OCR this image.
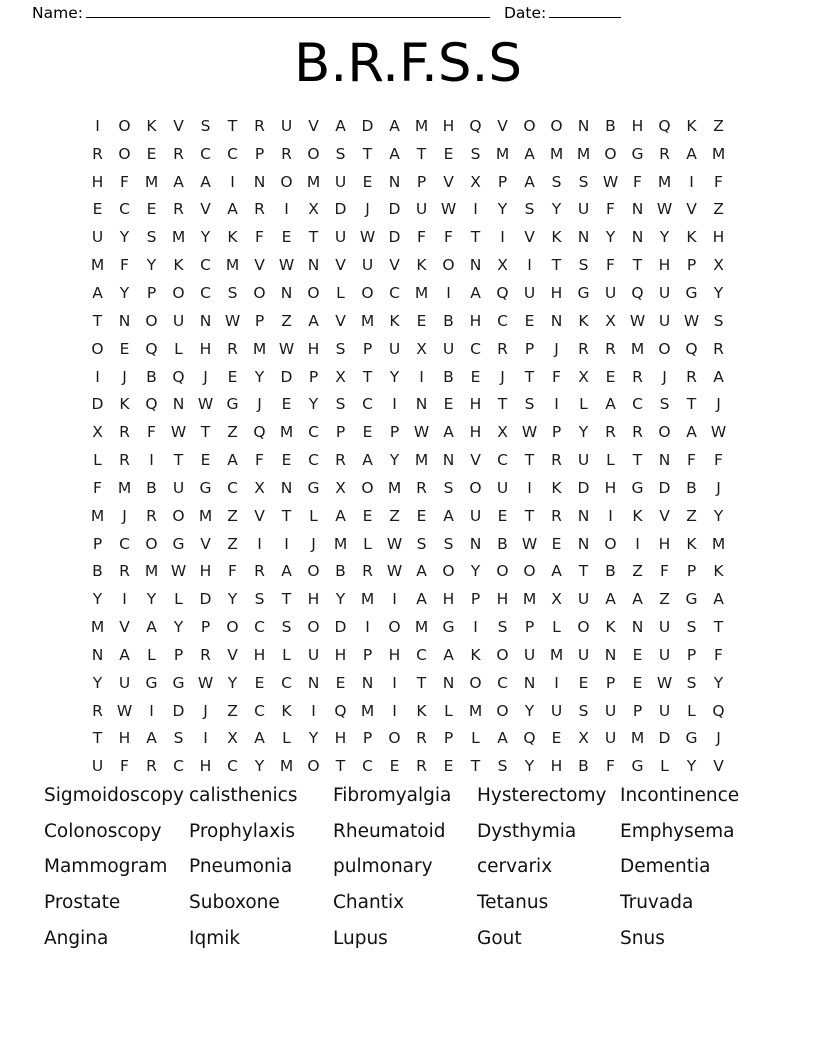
Name:	Date:
B.R.F.S.S
I	O	K	V	S	T	R	U	V	A	D	A M H Q	V	O O N	B	H Q	K	Z
R	O	E	R	C	C	P	R	O	S	T	A	T	E	S M A M M O G	R	A M
H	F	M A	A	I	N O M U	E	N	P	V	X	P	A	S	S W F	M	I	F
E	C	E	R	V	A	R	I	X	D	J	D U W	I	Y	S	Y	U	F	N W V	Z
U	Y	S M	Y	K	F	E	T	U W D	F	F	T	I	V	K	N	Y	N	Y	K	H
M	F	Y	K	C M V W N	V	U	V	K	O N	X	I	T	S	F	T	H	P	X
A	Y	P	O C	S	O N O	L	O C M	I	A	Q U	H G U Q U G	Y
T	N O U	N W P	Z	A	V M K	E	B	H	C	E	N	K	X W U W S
O	E	Q	L	H	R M W H	S	P	U	X	U	C	R	P	J	R	R M O Q	R
I	J	B	Q	J	E	Y	D	P	X	T	Y	I	B	E	J	T	F	X	E	R	J	R	A
D	K	Q N W G	J	E	Y	S	C	I	N	E	H	T	S	I	L	A	C	S	T	J
X	R	F W T	Z	Q M C	P	E	P W A	H	X W P	Y	R	R	O	A W
L	R	I	T	E	A	F	E	C	R	A	Y	M N	V	C	T	R	U	L	T	N	F	F
F	M B	U G	C	X	N G	X	O M R	S	O U	I	K	D H G D	B	J
M	J	R	O M Z	V	T	L	A	E	Z	E	A	U	E	T	R	N	I	K	V	Z	Y
P	C O G	V	Z	I	I	J	M	L W S	S	N	B W E	N O	I	H	K M
B	R M W H	F	R	A	O	B	R W A	O	Y	O O	A	T	B	Z	F	P	K
Y	I	Y	L	D	Y	S	T	H	Y	M	I	A	H	P	H M X	U	A	A	Z	G	A
M V	A	Y	P	O C	S	O D	I	O M G	I	S	P	L	O	K	N	U	S	T
N	A	L	P	R	V	H	L	U	H	P	H	C	A	K	O U M U	N	E	U	P	F
Y	U G G W Y	E	C	N	E	N	I	T	N O C	N	I	E	P	E W S	Y
R W	I	D	J	Z	C	K	I	Q M	I	K	L	M O	Y	U	S	U	P	U	L	Q
T	H	A	S	I	X	A	L	Y	H	P	O	R	P	L	A	Q	E	X	U M D G	J
U	F	R	C	H	C	Y	M O	T	C	E	R	E	T	S	Y	H	B	F	G	L	Y	V
Sigmoidoscopy calisthenics	Fibromyalgia	Hysterectomy Incontinence
Colonoscopy	Prophylaxis	Rheumatoid	Dysthymia	Emphysema
Mammogram	Pneumonia	pulmonary	cervarix	Dementia
Prostate	Suboxone	Chantix	Tetanus	Truvada
Angina	Iqmik	Lupus	Gout	Snus
